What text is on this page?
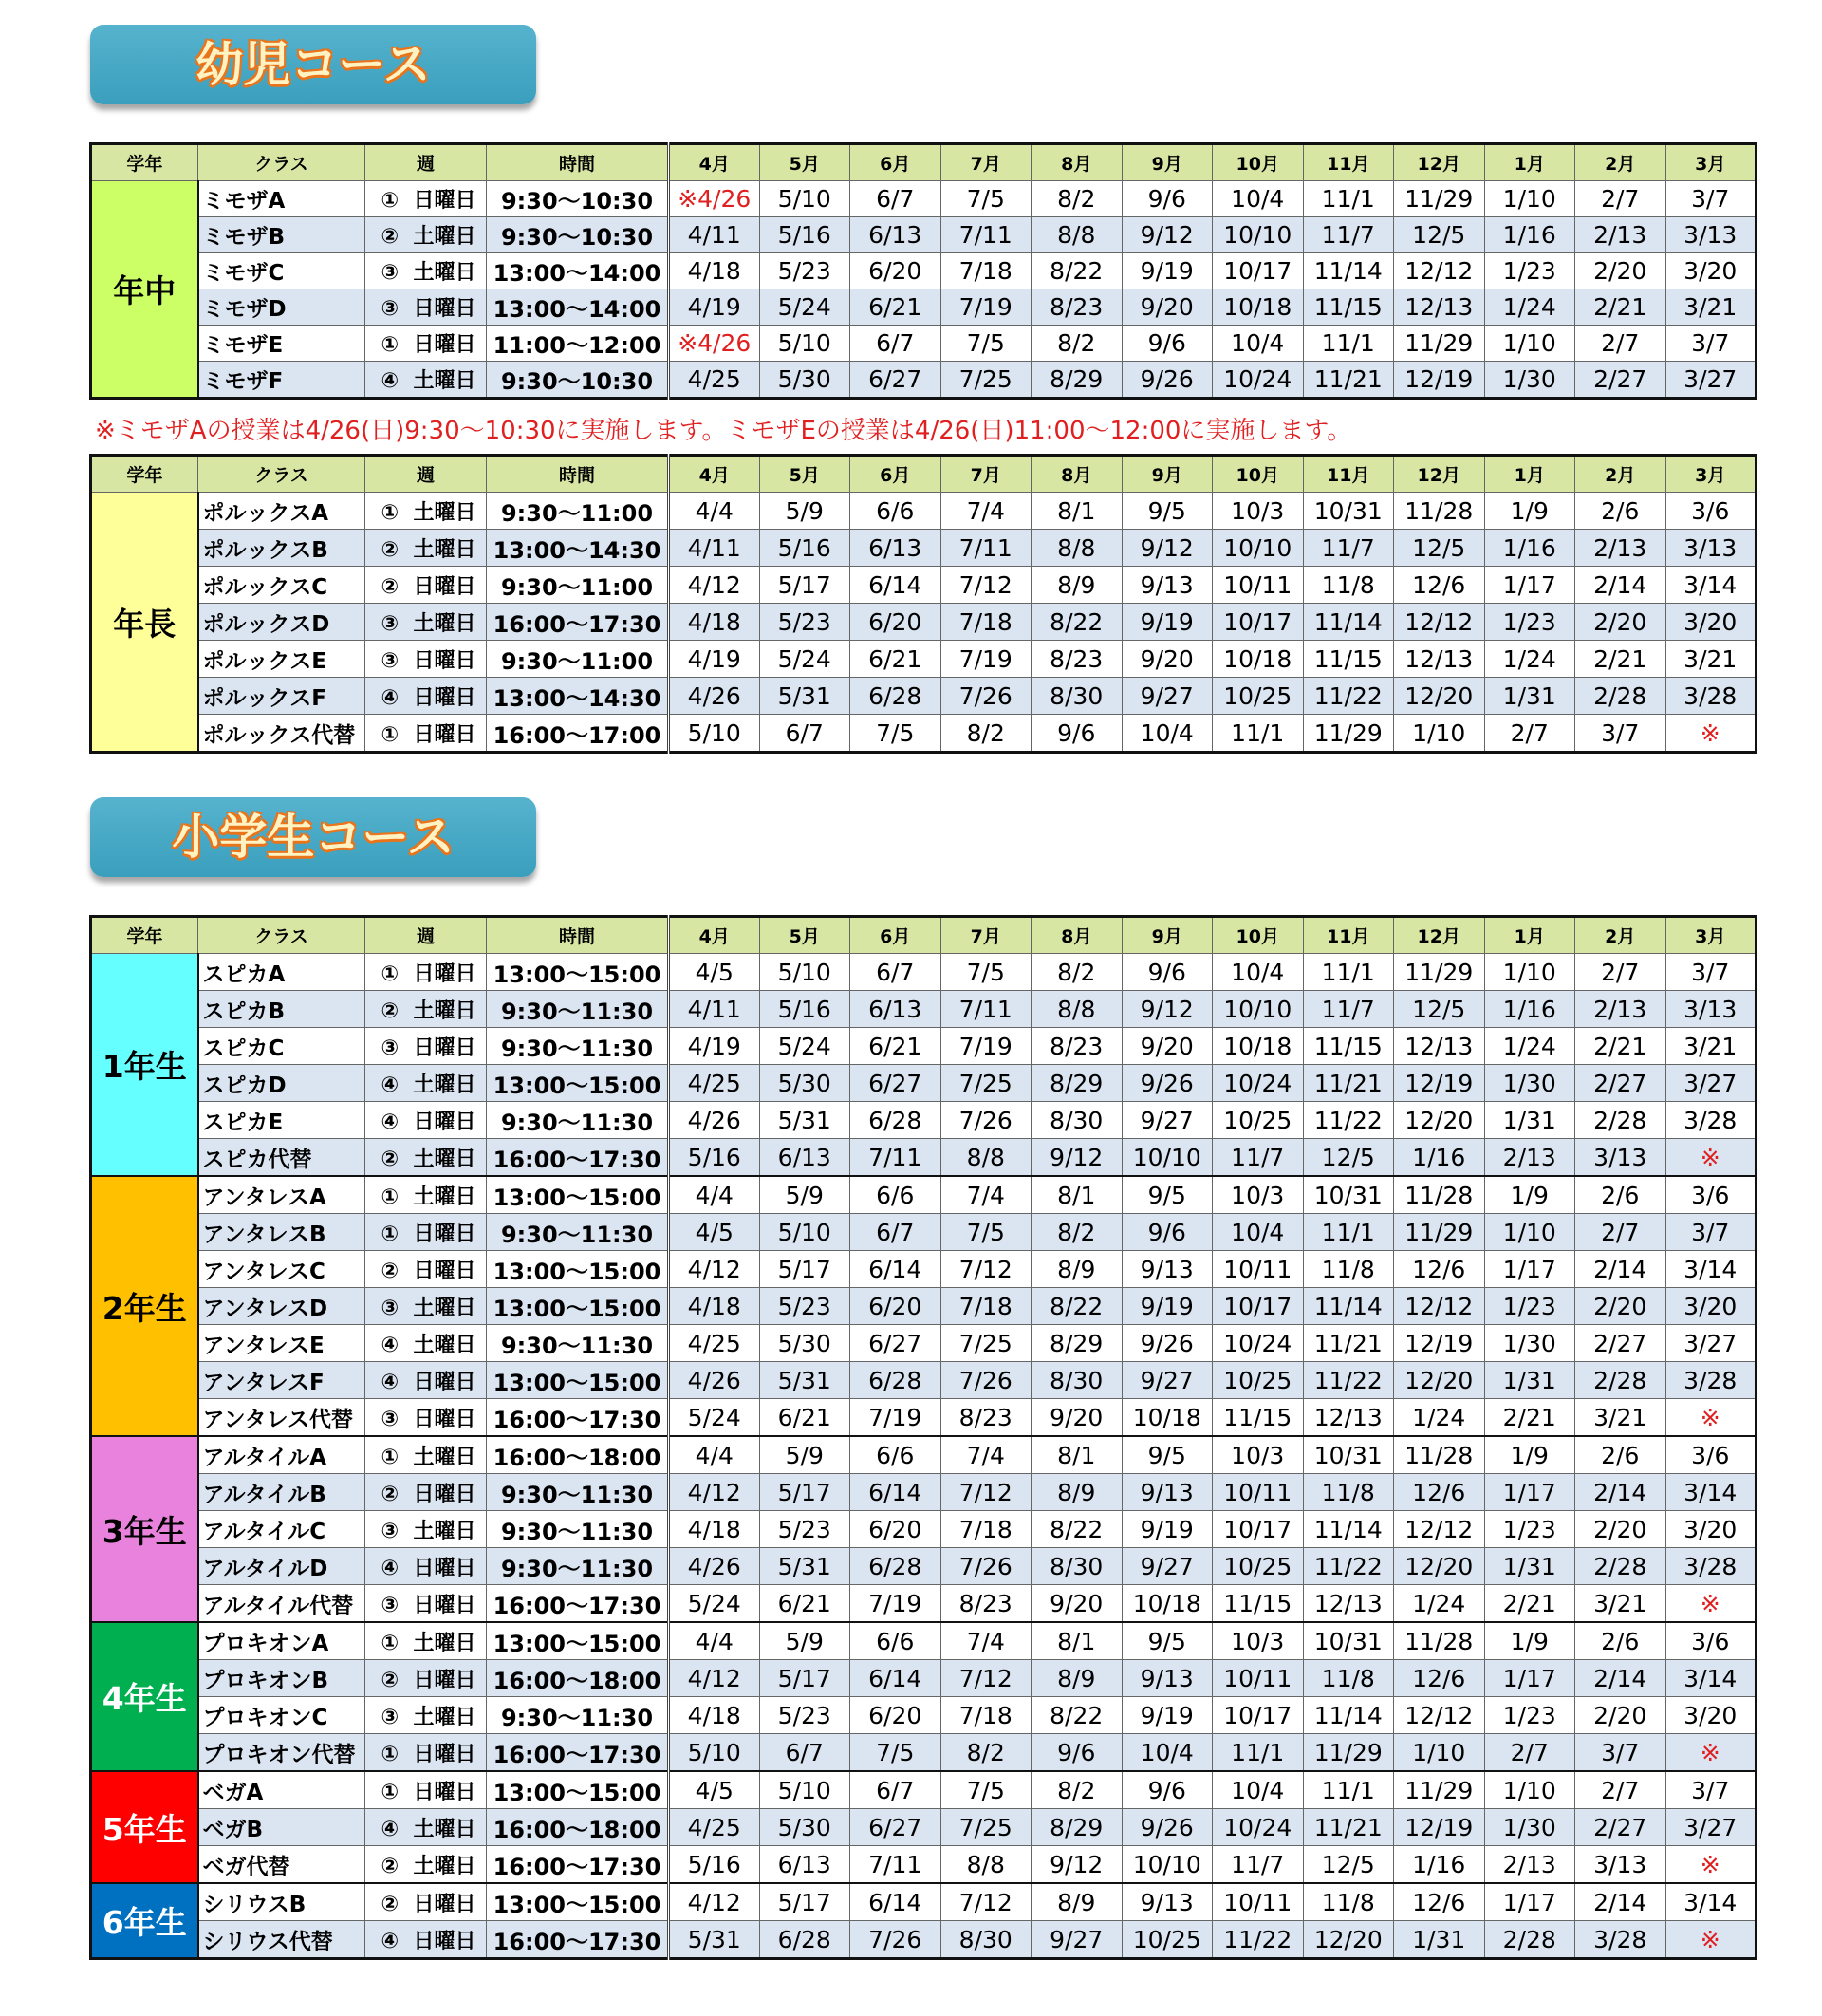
幼児コース
学年	クラス	週	時間	4月	5月	6月	7月	8月	9月	10月	11月	12月	1月	2月	3月
年中	ミモザA	① 日曜日	9:30～10:30	※4/26	5/10	6/7	7/5	8/2	9/6	10/4	11/1	11/29	1/10	2/7	3/7
	ミモザB	② 土曜日	9:30～10:30	4/11	5/16	6/13	7/11	8/8	9/12	10/10	11/7	12/5	1/16	2/13	3/13
	ミモザC	③ 土曜日	13:00～14:00	4/18	5/23	6/20	7/18	8/22	9/19	10/17	11/14	12/12	1/23	2/20	3/20
	ミモザD	③ 日曜日	13:00～14:00	4/19	5/24	6/21	7/19	8/23	9/20	10/18	11/15	12/13	1/24	2/21	3/21
	ミモザE	① 日曜日	11:00～12:00	※4/26	5/10	6/7	7/5	8/2	9/6	10/4	11/1	11/29	1/10	2/7	3/7
	ミモザF	④ 土曜日	9:30～10:30	4/25	5/30	6/27	7/25	8/29	9/26	10/24	11/21	12/19	1/30	2/27	3/27
※ミモザAの授業は4/26(日)9:30～10:30に実施します。ミモザEの授業は4/26(日)11:00～12:00に実施します。
学年	クラス	週	時間	4月	5月	6月	7月	8月	9月	10月	11月	12月	1月	2月	3月
年長	ポルックスA	① 土曜日	9:30～11:00	4/4	5/9	6/6	7/4	8/1	9/5	10/3	10/31	11/28	1/9	2/6	3/6
	ポルックスB	② 土曜日	13:00～14:30	4/11	5/16	6/13	7/11	8/8	9/12	10/10	11/7	12/5	1/16	2/13	3/13
	ポルックスC	② 日曜日	9:30～11:00	4/12	5/17	6/14	7/12	8/9	9/13	10/11	11/8	12/6	1/17	2/14	3/14
	ポルックスD	③ 土曜日	16:00～17:30	4/18	5/23	6/20	7/18	8/22	9/19	10/17	11/14	12/12	1/23	2/20	3/20
	ポルックスE	③ 日曜日	9:30～11:00	4/19	5/24	6/21	7/19	8/23	9/20	10/18	11/15	12/13	1/24	2/21	3/21
	ポルックスF	④ 日曜日	13:00～14:30	4/26	5/31	6/28	7/26	8/30	9/27	10/25	11/22	12/20	1/31	2/28	3/28
	ポルックス代替	① 日曜日	16:00～17:00	5/10	6/7	7/5	8/2	9/6	10/4	11/1	11/29	1/10	2/7	3/7	※
小学生コース
学年	クラス	週	時間	4月	5月	6月	7月	8月	9月	10月	11月	12月	1月	2月	3月
1年生	スピカA	① 日曜日	13:00～15:00	4/5	5/10	6/7	7/5	8/2	9/6	10/4	11/1	11/29	1/10	2/7	3/7
	スピカB	② 土曜日	9:30～11:30	4/11	5/16	6/13	7/11	8/8	9/12	10/10	11/7	12/5	1/16	2/13	3/13
	スピカC	③ 日曜日	9:30～11:30	4/19	5/24	6/21	7/19	8/23	9/20	10/18	11/15	12/13	1/24	2/21	3/21
	スピカD	④ 土曜日	13:00～15:00	4/25	5/30	6/27	7/25	8/29	9/26	10/24	11/21	12/19	1/30	2/27	3/27
	スピカE	④ 日曜日	9:30～11:30	4/26	5/31	6/28	7/26	8/30	9/27	10/25	11/22	12/20	1/31	2/28	3/28
	スピカ代替	② 土曜日	16:00～17:30	5/16	6/13	7/11	8/8	9/12	10/10	11/7	12/5	1/16	2/13	3/13	※
2年生	アンタレスA	① 土曜日	13:00～15:00	4/4	5/9	6/6	7/4	8/1	9/5	10/3	10/31	11/28	1/9	2/6	3/6
	アンタレスB	① 日曜日	9:30～11:30	4/5	5/10	6/7	7/5	8/2	9/6	10/4	11/1	11/29	1/10	2/7	3/7
	アンタレスC	② 日曜日	13:00～15:00	4/12	5/17	6/14	7/12	8/9	9/13	10/11	11/8	12/6	1/17	2/14	3/14
	アンタレスD	③ 土曜日	13:00～15:00	4/18	5/23	6/20	7/18	8/22	9/19	10/17	11/14	12/12	1/23	2/20	3/20
	アンタレスE	④ 土曜日	9:30～11:30	4/25	5/30	6/27	7/25	8/29	9/26	10/24	11/21	12/19	1/30	2/27	3/27
	アンタレスF	④ 日曜日	13:00～15:00	4/26	5/31	6/28	7/26	8/30	9/27	10/25	11/22	12/20	1/31	2/28	3/28
	アンタレス代替	③ 日曜日	16:00～17:30	5/24	6/21	7/19	8/23	9/20	10/18	11/15	12/13	1/24	2/21	3/21	※
3年生	アルタイルA	① 土曜日	16:00～18:00	4/4	5/9	6/6	7/4	8/1	9/5	10/3	10/31	11/28	1/9	2/6	3/6
	アルタイルB	② 日曜日	9:30～11:30	4/12	5/17	6/14	7/12	8/9	9/13	10/11	11/8	12/6	1/17	2/14	3/14
	アルタイルC	③ 土曜日	9:30～11:30	4/18	5/23	6/20	7/18	8/22	9/19	10/17	11/14	12/12	1/23	2/20	3/20
	アルタイルD	④ 日曜日	9:30～11:30	4/26	5/31	6/28	7/26	8/30	9/27	10/25	11/22	12/20	1/31	2/28	3/28
	アルタイル代替	③ 日曜日	16:00～17:30	5/24	6/21	7/19	8/23	9/20	10/18	11/15	12/13	1/24	2/21	3/21	※
4年生	プロキオンA	① 土曜日	13:00～15:00	4/4	5/9	6/6	7/4	8/1	9/5	10/3	10/31	11/28	1/9	2/6	3/6
	プロキオンB	② 日曜日	16:00～18:00	4/12	5/17	6/14	7/12	8/9	9/13	10/11	11/8	12/6	1/17	2/14	3/14
	プロキオンC	③ 土曜日	9:30～11:30	4/18	5/23	6/20	7/18	8/22	9/19	10/17	11/14	12/12	1/23	2/20	3/20
	プロキオン代替	① 日曜日	16:00～17:30	5/10	6/7	7/5	8/2	9/6	10/4	11/1	11/29	1/10	2/7	3/7	※
5年生	ベガA	① 日曜日	13:00～15:00	4/5	5/10	6/7	7/5	8/2	9/6	10/4	11/1	11/29	1/10	2/7	3/7
	ベガB	④ 土曜日	16:00～18:00	4/25	5/30	6/27	7/25	8/29	9/26	10/24	11/21	12/19	1/30	2/27	3/27
	ベガ代替	② 土曜日	16:00～17:30	5/16	6/13	7/11	8/8	9/12	10/10	11/7	12/5	1/16	2/13	3/13	※
6年生	シリウスB	② 日曜日	13:00～15:00	4/12	5/17	6/14	7/12	8/9	9/13	10/11	11/8	12/6	1/17	2/14	3/14
	シリウス代替	④ 日曜日	16:00～17:30	5/31	6/28	7/26	8/30	9/27	10/25	11/22	12/20	1/31	2/28	3/28	※
